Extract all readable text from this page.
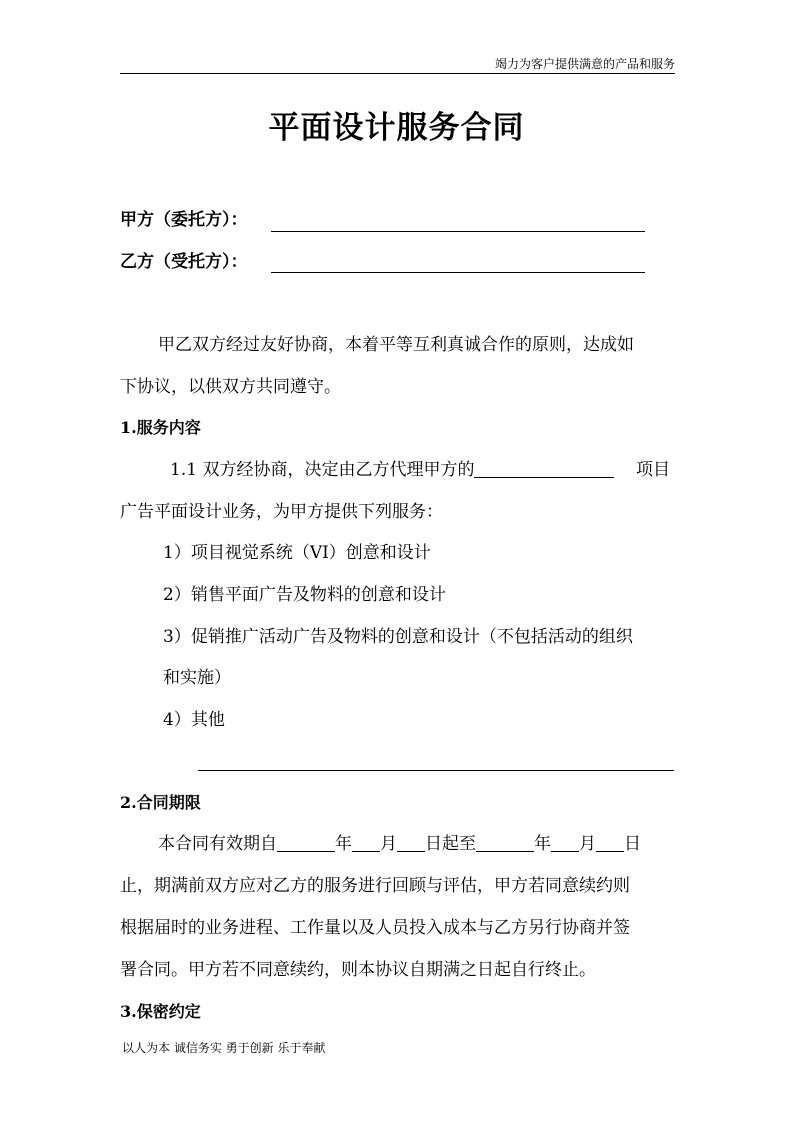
竭力为客户提供满意的产品和服务
平面设计服务合同
甲方（委托方）：
乙方（受托方）：
甲乙双方经过友好协商，本着平等互利真诚合作的原则，达成如
下协议，以供双方共同遵守。
1.服务内容
1.1 双方经协商，决定由乙方代理甲方的	项目
广告平面设计业务，为甲方提供下列服务：
1）项目视觉系统（VI）创意和设计
2）销售平面广告及物料的创意和设计
3）促销推广活动广告及物料的创意和设计（不包括活动的组织
和实施）
4）其他
2.合同期限
本合同有效期自	年 月 日起至	年 月 日
止，期满前双方应对乙方的服务进行回顾与评估，甲方若同意续约则
根据届时的业务进程、工作量以及人员投入成本与乙方另行协商并签
署合同。甲方若不同意续约，则本协议自期满之日起自行终止。
3.保密约定
以人为本 诚信务实 勇于创新 乐于奉献
